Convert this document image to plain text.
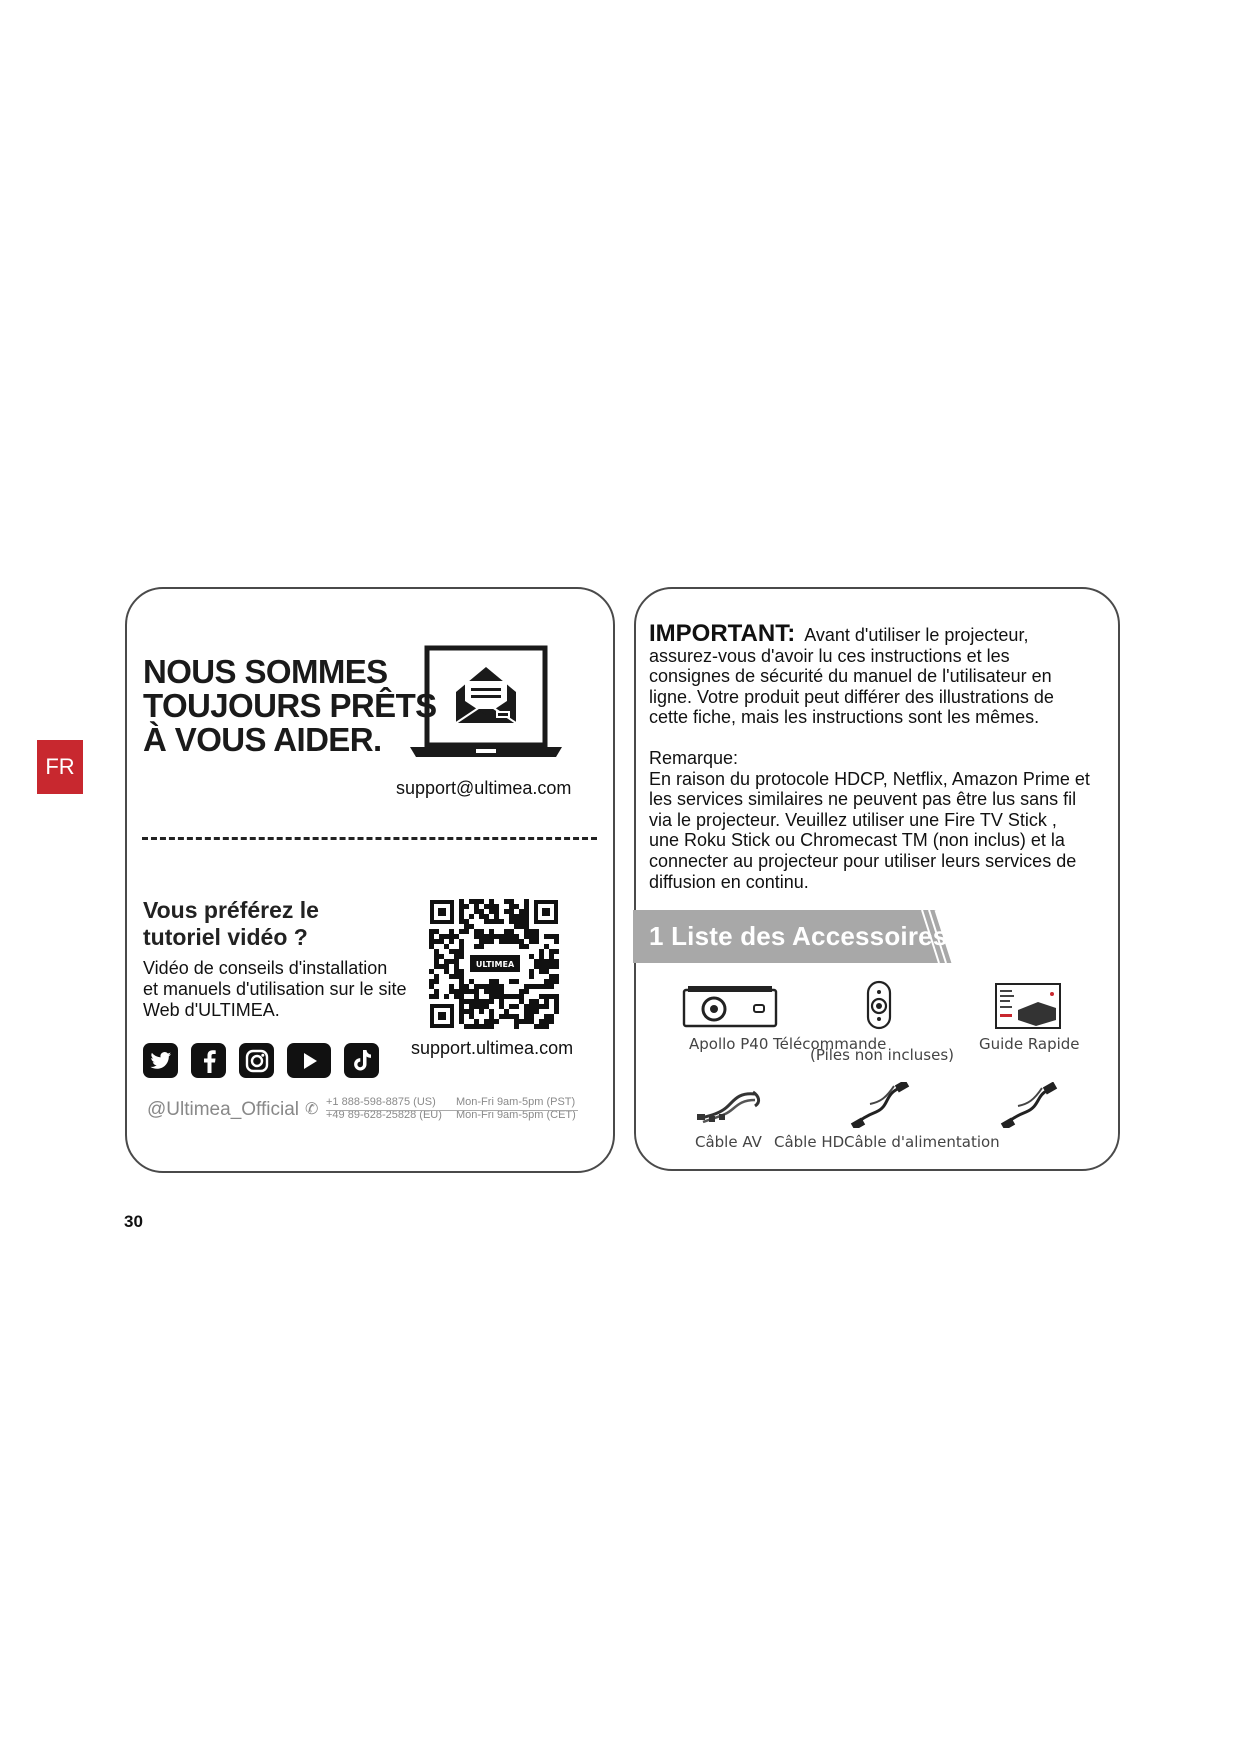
FR
NOUS SOMMES
TOUJOURS PRÊTS
À VOUS AIDER.
support@ultimea.com
Vous préférez le
tutoriel vidéo ?
Vidéo de conseils d'installation
et manuels d'utilisation sur le site
Web d'ULTIMEA.
ULTIMEA
support.ultimea.com
@Ultimea_Official ✆ +1 888-598-8875 (US)
+49 89-628-25828 (EU)
Mon-Fri 9am-5pm (PST)
Mon-Fri 9am-5pm (CET)
IMPORTANT: Avant d'utiliser le projecteur,
assurez-vous d'avoir lu ces instructions et les
consignes de sécurité du manuel de l'utilisateur en
ligne. Votre produit peut différer des illustrations de
cette fiche, mais les instructions sont les mêmes.
Remarque:
En raison du protocole HDCP, Netflix, Amazon Prime et
les services similaires ne peuvent pas être lus sans fil
via le projecteur. Veuillez utiliser une Fire TV Stick ,
une Roku Stick ou Chromecast TM (non inclus) et la
connecter au projecteur pour utiliser leurs services de
diffusion en continu.
1 Liste des Accessoires
Apollo P40 Télécommande
(Piles non incluses)
Guide Rapide
Câble AV Câble HD Câble d'alimentation
30
